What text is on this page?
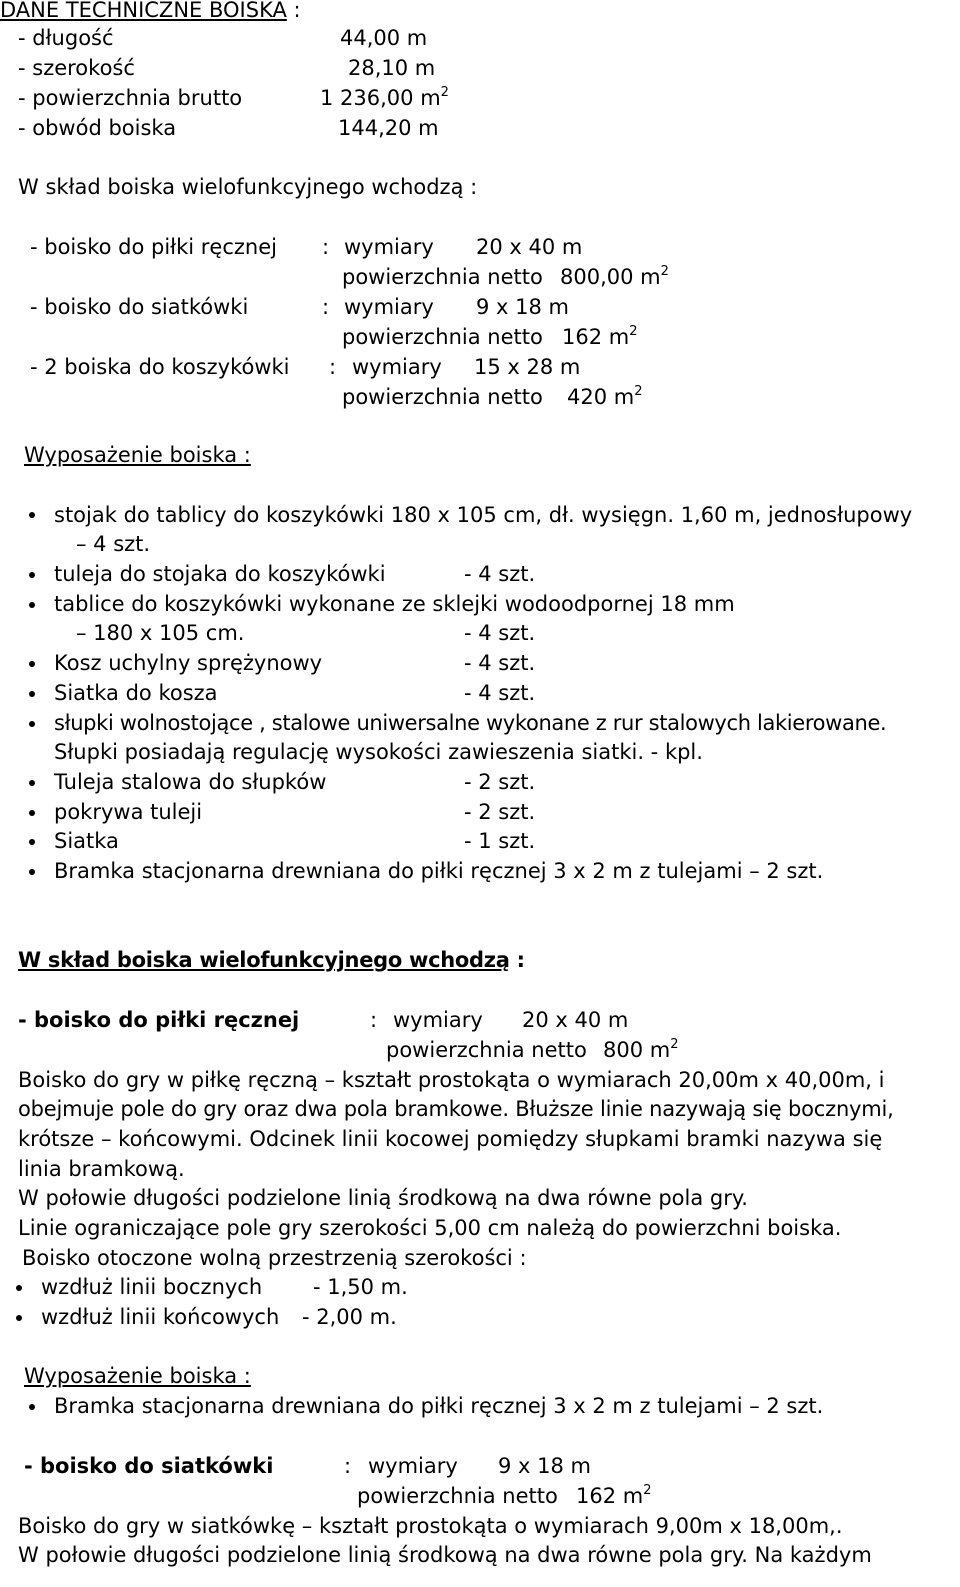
DANE TECHNICZNE BOISKA :
- długość	44,00 m
- szerokość	28,10 m
- powierzchnia brutto	1 236,00 $m^2$
- obwód boiska	144,20 m
W skład boiska wielofunkcyjnego wchodzą :
- boisko do piłki ręcznej : wymiary 20 x 40 m
powierzchnia netto 800,00 $m^2$
- boisko do siatkówki	: wymiary 9 x 18 m
powierzchnia netto 162 $m^2$
- 2 boiska do koszykówki : wymiary 15 x 28 m
powierzchnia netto 420 $m^2$
Wyposażenie boiska :
stojak do tablicy do koszykówki 180 x 105 cm, dł. wysięgn. 1,60 m, jednosłupowy
– 4 szt.
tuleja do stojaka do koszykówki	- 4 szt.
tablice do koszykówki wykonane ze sklejki wodoodpornej 18 mm
– 180 x 105 cm.	- 4 szt.
Kosz uchylny sprężynowy	- 4 szt.
Siatka do kosza	- 4 szt.
słupki wolnostojące , stalowe uniwersalne wykonane z rur stalowych lakierowane.
Słupki posiadają regulację wysokości zawieszenia siatki. - kpl.
Tuleja stalowa do słupków	- 2 szt.
pokrywa tuleji	- 2 szt.
Siatka	- 1 szt.
Bramka stacjonarna drewniana do piłki ręcznej 3 x 2 m z tulejami – 2 szt.
W skład boiska wielofunkcyjnego wchodzą :
- boisko do piłki ręcznej	: wymiary 20 x 40 m
powierzchnia netto 800 $m^2$
Boisko do gry w piłkę ręczną – kształt prostokąta o wymiarach 20,00m x 40,00m, i
obejmuje pole do gry oraz dwa pola bramkowe. Błuższe linie nazywają się bocznymi,
krótsze – końcowymi. Odcinek linii kocowej pomiędzy słupkami bramki nazywa się
linia bramkową.
W połowie długości podzielone linią środkową na dwa równe pola gry.
Linie ograniczające pole gry szerokości 5,00 cm należą do powierzchni boiska.
Boisko otoczone wolną przestrzenią szerokości :
wzdłuż linii bocznych - 1,50 m.
wzdłuż linii końcowych - 2,00 m.
Wyposażenie boiska :
Bramka stacjonarna drewniana do piłki ręcznej 3 x 2 m z tulejami – 2 szt.
- boisko do siatkówki	: wymiary 9 x 18 m
powierzchnia netto 162 $m^2$
Boisko do gry w siatkówkę – kształt prostokąta o wymiarach 9,00m x 18,00m,.
W połowie długości podzielone linią środkową na dwa równe pola gry. Na każdym
